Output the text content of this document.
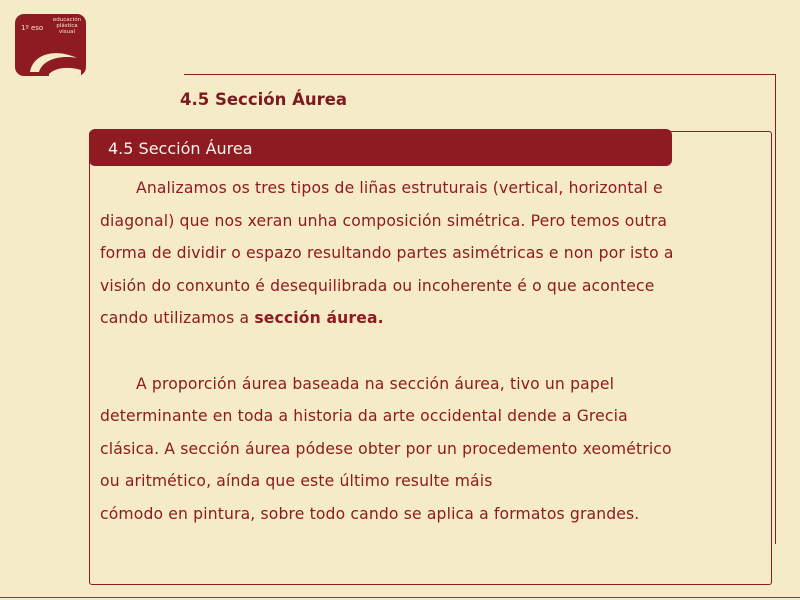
1º eso
educación
plástica
visual
4.5 Sección Áurea
4.5 Sección Áurea

Analizamos os tres tipos de liñas estruturais (vertical, horizontal e
diagonal) que nos xeran unha composición simétrica. Pero temos outra
forma de dividir o espazo resultando partes asimétricas e non por isto a
visión do conxunto é desequilibrada ou incoherente é o que acontece
cando utilizamos a sección áurea.

A proporción áurea baseada na sección áurea, tivo un papel
determinante en toda a historia da arte occidental dende a Grecia
clásica. A sección áurea pódese obter por un procedemento xeométrico
ou aritmético, aínda que este último resulte máis
cómodo en pintura, sobre todo cando se aplica a formatos grandes.
